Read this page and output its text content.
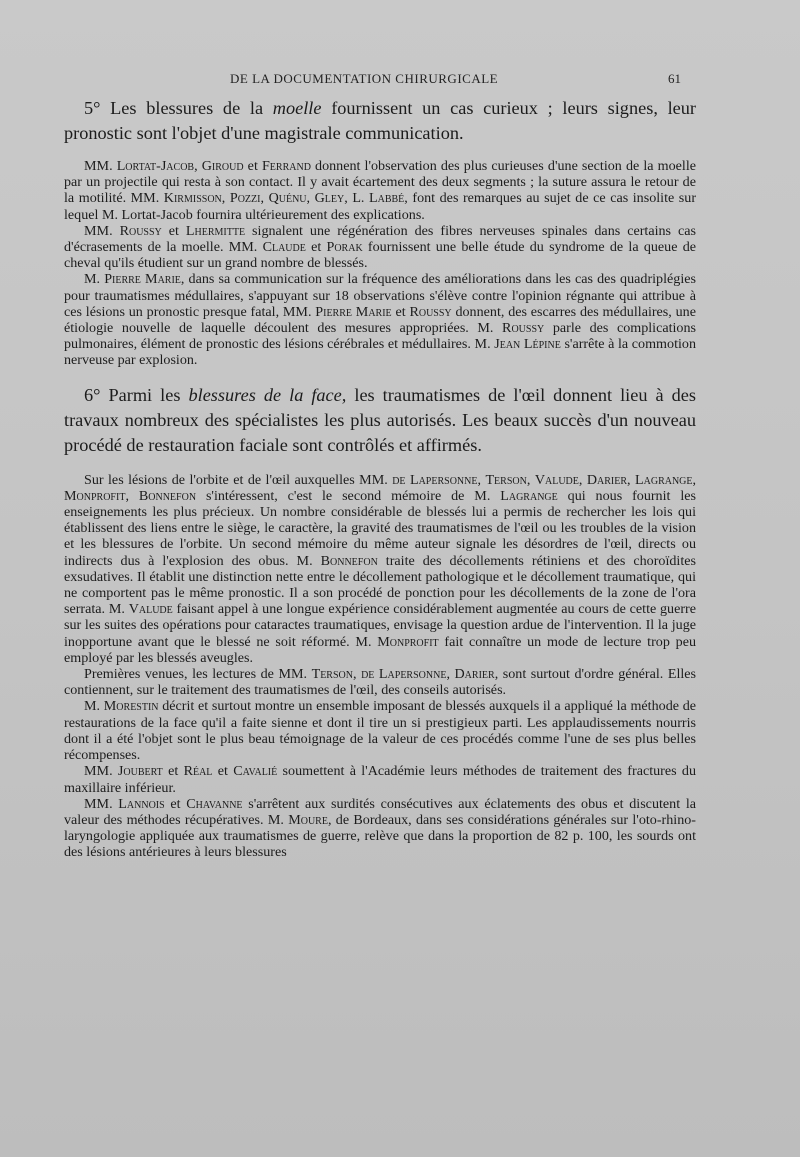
DE LA DOCUMENTATION CHIRURGICALE	61

5° Les blessures de la moelle fournissent un cas curieux ; leurs signes, leur pronostic sont l'objet d'une magistrale communication.

MM. Lortat-Jacob, Giroud et Ferrand donnent l'observation des plus curieuses d'une section de la moelle par un projectile qui resta à son contact. Il y avait écartement des deux segments ; la suture assura le retour de la motilité. MM. Kirmisson, Pozzi, Quénu, Gley, L. Labbé, font des remarques au sujet de ce cas insolite sur lequel M. Lortat-Jacob fournira ultérieurement des explications.

MM. Roussy et Lhermitte signalent une régénération des fibres nerveuses spinales dans certains cas d'écrasements de la moelle. MM. Claude et Porak fournissent une belle étude du syndrome de la queue de cheval qu'ils étudient sur un grand nombre de blessés.

M. Pierre Marie, dans sa communication sur la fréquence des améliorations dans les cas des quadriplégies pour traumatismes médullaires, s'appuyant sur 18 observations s'élève contre l'opinion régnante qui attribue à ces lésions un pronostic presque fatal, MM. Pierre Marie et Roussy donnent, des escarres des médullaires, une étiologie nouvelle de laquelle découlent des mesures appropriées. M. Roussy parle des complications pulmonaires, élément de pronostic des lésions cérébrales et médullaires. M. Jean Lépine s'arrête à la commotion nerveuse par explosion.

6° Parmi les blessures de la face, les traumatismes de l'œil donnent lieu à des travaux nombreux des spécialistes les plus autorisés. Les beaux succès d'un nouveau procédé de restauration faciale sont contrôlés et affirmés.

Sur les lésions de l'orbite et de l'œil auxquelles MM. de Lapersonne, Terson, Valude, Darier, Lagrange, Monprofit, Bonnefon s'intéressent, c'est le second mémoire de M. Lagrange qui nous fournit les enseignements les plus précieux. Un nombre considérable de blessés lui a permis de rechercher les lois qui établissent des liens entre le siège, le caractère, la gravité des traumatismes de l'œil ou les troubles de la vision et les blessures de l'orbite. Un second mémoire du même auteur signale les désordres de l'œil, directs ou indirects dus à l'explosion des obus. M. Bonnefon traite des décollements rétiniens et des choroïdites exsudatives. Il établit une distinction nette entre le décollement pathologique et le décollement traumatique, qui ne comportent pas le même pronostic. Il a son procédé de ponction pour les décollements de la zone de l'ora serrata. M. Valude faisant appel à une longue expérience considérablement augmentée au cours de cette guerre sur les suites des opérations pour cataractes traumatiques, envisage la question ardue de l'intervention. Il la juge inopportune avant que le blessé ne soit réformé. M. Monprofit fait connaître un mode de lecture trop peu employé par les blessés aveugles.

Premières venues, les lectures de MM. Terson, de Lapersonne, Darier, sont surtout d'ordre général. Elles contiennent, sur le traitement des traumatismes de l'œil, des conseils autorisés.

M. Morestin décrit et surtout montre un ensemble imposant de blessés auxquels il a appliqué la méthode de restaurations de la face qu'il a faite sienne et dont il tire un si prestigieux parti. Les applaudissements nourris dont il a été l'objet sont le plus beau témoignage de la valeur de ces procédés comme l'une de ses plus belles récompenses.

MM. Joubert et Réal et Cavalié soumettent à l'Académie leurs méthodes de traitement des fractures du maxillaire inférieur.

MM. Lannois et Chavanne s'arrêtent aux surdités consécutives aux éclatements des obus et discutent la valeur des méthodes récupératives. M. Moure, de Bordeaux, dans ses considérations générales sur l'oto-rhino-laryngologie appliquée aux traumatismes de guerre, relève que dans la proportion de 82 p. 100, les sourds ont des lésions antérieures à leurs blessures
